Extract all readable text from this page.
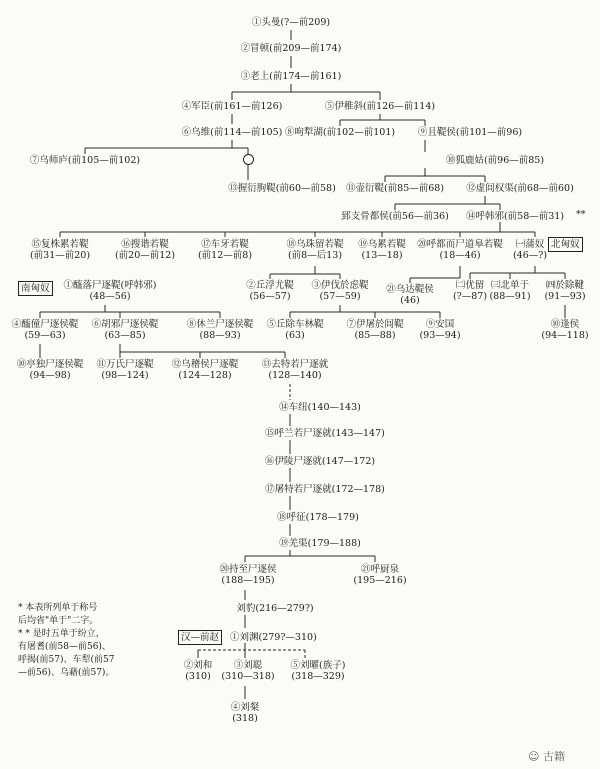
①头曼(?—前209)
②冒顿(前209—前174)
③老上(前174—前161)
④军臣(前161—前126)	⑤伊稚斜(前126—前114)
⑥乌维(前114—前105) ⑧呴犁湖(前102—前101) ⑨且鞮侯(前101—前96)
⑦乌师庐(前105—前102)	⑩狐鹿姑(前96—前85)
⑬握衍朐鞮(前60—前58) ⑪壶衍鞮(前85—前68) ⑫虚闾权渠(前68—前60)
郅支骨都侯(前56—前36) ⑭呼韩邪(前58—前31) **
⑮复株累若鞮
(前31—前20)
⑯搜谐若鞮
(前20—前12)
⑰车牙若鞮
(前12—前8)
⑱乌珠留若鞮
(前8—后13)
⑲乌累若鞮
(13—18)
⑳呼都而尸道皋若鞮
(18—46)
㈠蒲奴
(46—?)
北匈奴
南匈奴	①醯落尸逐鞮(呼韩邪)
(48—56)
②丘浮尤鞮
(56—57)
③伊伐於虑鞮
(57—59)
㉑乌达鞮侯
(46)
㈡优留
(?—87)
㈢北单于
(88—91)
㈣於除鞬
(91—93)
④醯僮尸逐侯鞮
(59—63)
⑥胡邪尸逐侯鞮
(63—85)
⑧休兰尸逐侯鞮
(88—93)
⑤丘除车林鞮
(63)
⑦伊屠於闾鞮
(85—88)
⑨安国
(93—94)
⑩逢侯
(94—118)
⑩亭独尸逐侯鞮
(94—98)
⑪万氏尸逐鞮
(98—124)
⑫乌稽侯尸逐鞮
(124—128)
⑬去特若尸逐就
(128—140)
⑭车纽(140—143)
⑮呼兰若尸逐就(143—147)
⑯伊陵尸逐就(147—172)
⑰屠特若尸逐就(172—178)
⑱呼征(178—179)
⑲羌渠(179—188)
⑳持至尸逐侯
(188—195)
㉑呼厨泉
(195—216)
刘豹(216—279?)
汉—前赵	①刘渊(279?—310)
②刘和
(310)
③刘聪
(310—318)
⑤刘曜(族子)
(318—329)
④刘粲
(318)
* 本表所列单于称号
后均省"单于"二字。
* * 是时五单于纷立，
有屠耆(前58—前56)、
呼揭(前57)、车犁(前57
—前56)、乌藉(前57)。
☺ 古籍
